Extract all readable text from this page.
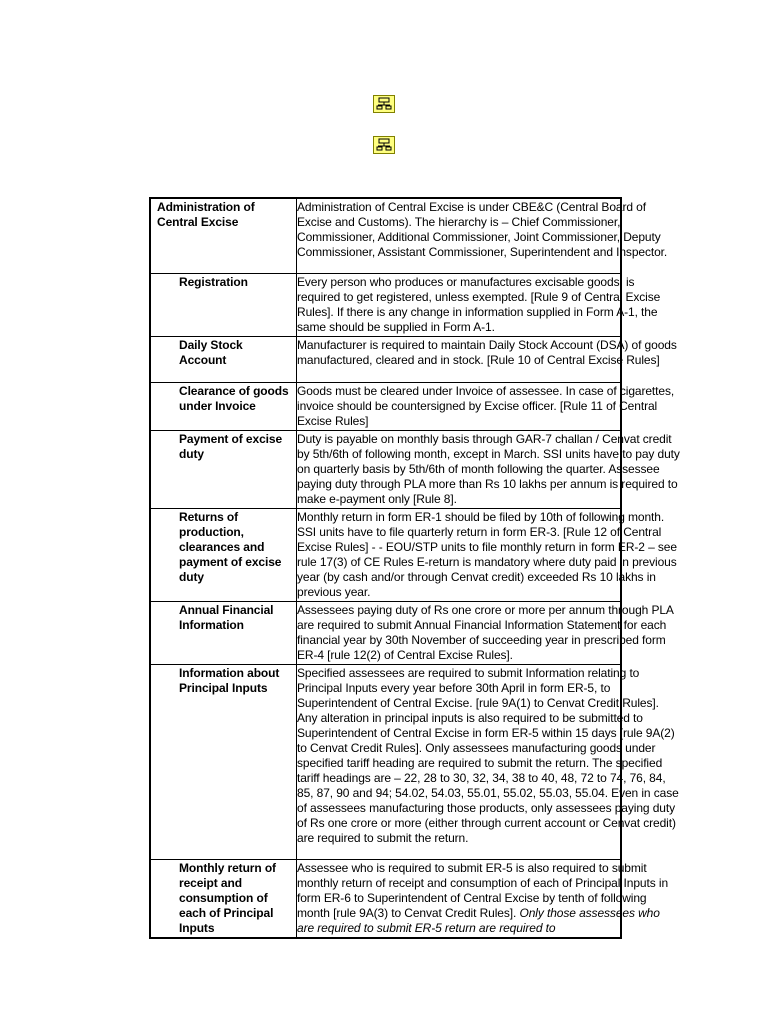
Administration of Central Excise	Administration of Central Excise is under CBE&C (Central Board of Excise and Customs). The hierarchy is – Chief Commissioner, Commissioner, Additional Commissioner, Joint Commissioner, Deputy Commissioner, Assistant Commissioner, Superintendent and Inspector.

Registration	Every person who produces or manufactures excisable goods, is required to get registered, unless exempted. [Rule 9 of Central Excise Rules]. If there is any change in information supplied in Form A-1, the same should be supplied in Form A-1.

Daily Stock Account	Manufacturer is required to maintain Daily Stock Account (DSA) of goods manufactured, cleared and in stock. [Rule 10 of Central Excise Rules]

Clearance of goods under Invoice	Goods must be cleared under Invoice of assessee. In case of cigarettes, invoice should be countersigned by Excise officer. [Rule 11 of Central Excise Rules]

Payment of excise duty	Duty is payable on monthly basis through GAR-7 challan / Cenvat credit by 5th/6th of following month, except in March. SSI units have to pay duty on quarterly basis by 5th/6th of month following the quarter. Assessee paying duty through PLA more than Rs 10 lakhs per annum is required to make e-payment only [Rule 8].

Returns of production, clearances and payment of excise duty	Monthly return in form ER-1 should be filed by 10th of following month. SSI units have to file quarterly return in form ER-3. [Rule 12 of Central Excise Rules] - - EOU/STP units to file monthly return in form ER-2 – see rule 17(3) of CE Rules E-return is mandatory where duty paid in previous year (by cash and/or through Cenvat credit) exceeded Rs 10 lakhs in previous year.

Annual Financial Information	Assessees paying duty of Rs one crore or more per annum through PLA are required to submit Annual Financial Information Statement for each financial year by 30th November of succeeding year in prescribed form ER-4 [rule 12(2) of Central Excise Rules].

Information about Principal Inputs	Specified assessees are required to submit Information relating to Principal Inputs every year before 30th April in form ER-5, to Superintendent of Central Excise. [rule 9A(1) to Cenvat Credit Rules]. Any alteration in principal inputs is also required to be submitted to Superintendent of Central Excise in form ER-5 within 15 days [rule 9A(2) to Cenvat Credit Rules]. Only assessees manufacturing goods under specified tariff heading are required to submit the return. The specified tariff headings are – 22, 28 to 30, 32, 34, 38 to 40, 48, 72 to 74, 76, 84, 85, 87, 90 and 94; 54.02, 54.03, 55.01, 55.02, 55.03, 55.04. Even in case of assessees manufacturing those products, only assessees paying duty of Rs one crore or more (either through current account or Cenvat credit) are required to submit the return.

Monthly return of receipt and consumption of each of Principal Inputs	Assessee who is required to submit ER-5 is also required to submit monthly return of receipt and consumption of each of Principal Inputs in form ER-6 to Superintendent of Central Excise by tenth of following month [rule 9A(3) to Cenvat Credit Rules]. Only those assessees who are required to submit ER-5 return are required to
